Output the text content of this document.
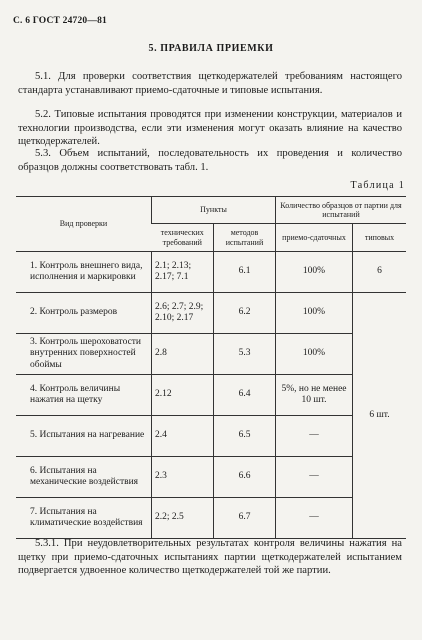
С. 6 ГОСТ 24720—81
5. ПРАВИЛА ПРИЕМКИ

5.1. Для проверки соответствия щеткодержателей требованиям настоящего стандарта устанавливают приемо-сдаточные и типовые испытания.

5.2. Типовые испытания проводятся при изменении конструкции, материалов и технологии производства, если эти изменения могут оказать влияние на качество щеткодержателей.

5.3. Объем испытаний, последовательность их проведения и количество образцов должны соответствовать табл. 1.

Таблица 1
Вид проверки	Пункты		Количество образцов от партии для испытаний	
	технических требований	методов испытаний	приемо-сдаточных	типовых
1. Контроль внешнего вида, исполнения и маркировки	2.1; 2.13; 2.17; 7.1	6.1	100%	6
2. Контроль размеров	2.6; 2.7; 2.9; 2.10; 2.17	6.2	100%	6 шт.
3. Контроль шероховатости внутренних поверхностей обоймы	2.8	5.3	100%	
4. Контроль величины нажатия на щетку	2.12	6.4	5%, но не менее 10 шт.	
5. Испытания на нагревание	2.4	6.5	—	
6. Испытания на механические воздействия	2.3	6.6	—	
7. Испытания на климатические воздействия	2.2; 2.5	6.7	—	

5.3.1. При неудовлетворительных результатах контроля величины нажатия на щетку при приемо-сдаточных испытаниях партии щеткодержателей испытанием подвергается удвоенное количество щеткодержателей той же партии.
